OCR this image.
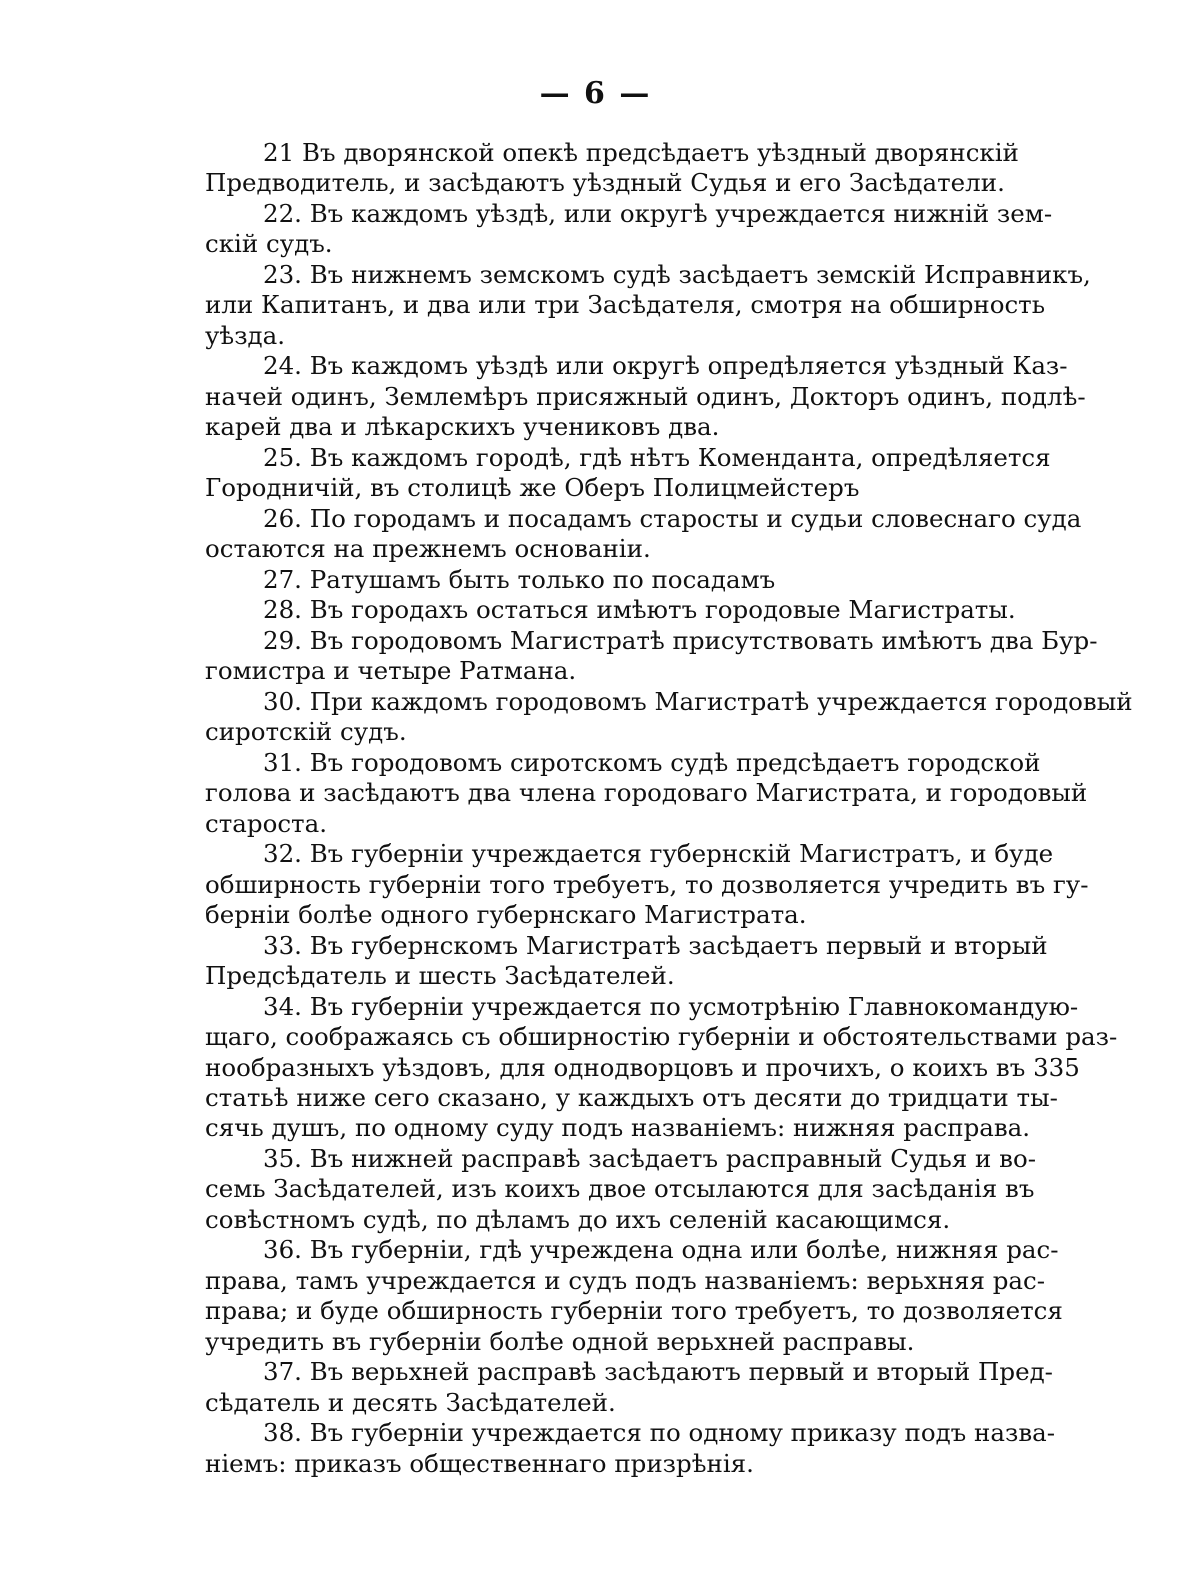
— 6 —
21 Въ дворянской опекѣ предсѣдаетъ уѣздный дворянскій
Предводитель, и засѣдаютъ уѣздный Судья и его Засѣдатели.
22. Въ каждомъ уѣздѣ, или округѣ учреждается нижній зем-
скій судъ.
23. Въ нижнемъ земскомъ судѣ засѣдаетъ земскій Исправникъ,
или Капитанъ, и два или три Засѣдателя, смотря на обширность
уѣзда.
24. Въ каждомъ уѣздѣ или округѣ опредѣляется уѣздный Каз-
начей одинъ, Землемѣръ присяжный одинъ, Докторъ одинъ, подлѣ-
карей два и лѣкарскихъ учениковъ два.
25. Въ каждомъ городѣ, гдѣ нѣтъ Коменданта, опредѣляется
Городничій, въ столицѣ же Оберъ Полицмейстеръ
26. По городамъ и посадамъ старосты и судьи словеснаго суда
остаются на прежнемъ основаніи.
27. Ратушамъ быть только по посадамъ
28. Въ городахъ остаться имѣютъ городовые Магистраты.
29. Въ городовомъ Магистратѣ присутствовать имѣютъ два Бур-
гомистра и четыре Ратмана.
30. При каждомъ городовомъ Магистратѣ учреждается городовый
сиротскій судъ.
31. Въ городовомъ сиротскомъ судѣ предсѣдаетъ городской
голова и засѣдаютъ два члена городоваго Магистрата, и городовый
староста.
32. Въ губерніи учреждается губернскій Магистратъ, и буде
обширность губерніи того требуетъ, то дозволяется учредить въ гу-
берніи болѣе одного губернскаго Магистрата.
33. Въ губернскомъ Магистратѣ засѣдаетъ первый и вторый
Предсѣдатель и шесть Засѣдателей.
34. Въ губерніи учреждается по усмотрѣнію Главнокомандую-
щаго, соображаясь съ обширностію губерніи и обстоятельствами раз-
нообразныхъ уѣздовъ, для однодворцовъ и прочихъ, о коихъ въ 335
статьѣ ниже сего сказано, у каждыхъ отъ десяти до тридцати ты-
сячь душъ, по одному суду подъ названіемъ: нижняя расправа.
35. Въ нижней расправѣ засѣдаетъ расправный Судья и во-
семь Засѣдателей, изъ коихъ двое отсылаются для засѣданія въ
совѣстномъ судѣ, по дѣламъ до ихъ селеній касающимся.
36. Въ губерніи, гдѣ учреждена одна или болѣе, нижняя рас-
права, тамъ учреждается и судъ подъ названіемъ: верьхняя рас-
права; и буде обширность губерніи того требуетъ, то дозволяется
учредить въ губерніи болѣе одной верьхней расправы.
37. Въ верьхней расправѣ засѣдаютъ первый и вторый Пред-
сѣдатель и десять Засѣдателей.
38. Въ губерніи учреждается по одному приказу подъ назва-
ніемъ: приказъ общественнаго призрѣнія.
